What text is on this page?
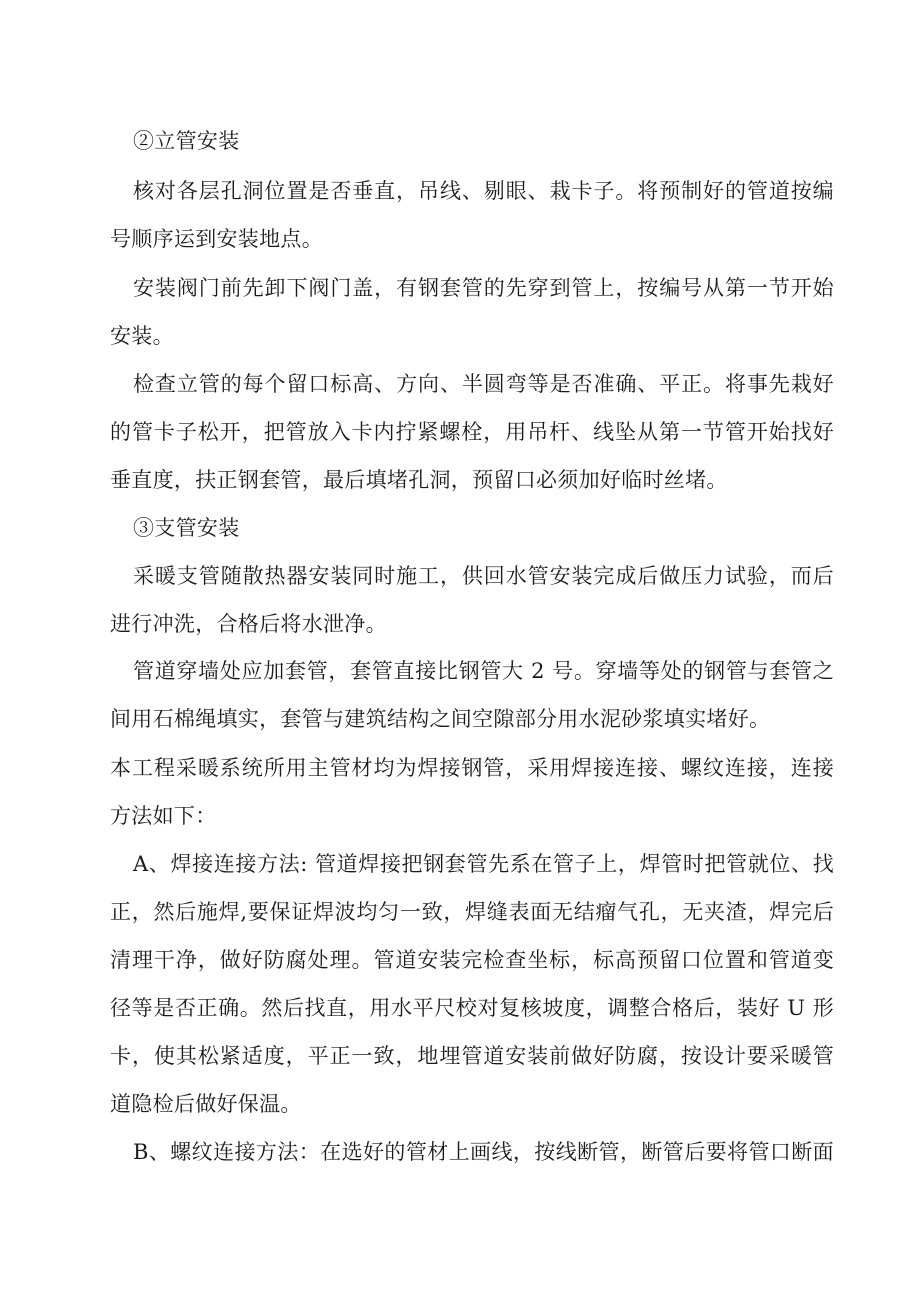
②立管安装
核对各层孔洞位置是否垂直，吊线、剔眼、栽卡子。将预制好的管道按编
号顺序运到安装地点。
安装阀门前先卸下阀门盖，有钢套管的先穿到管上，按编号从第一节开始
安装。
检查立管的每个留口标高、方向、半圆弯等是否准确、平正。将事先栽好
的管卡子松开，把管放入卡内拧紧螺栓，用吊杆、线坠从第一节管开始找好
垂直度，扶正钢套管，最后填堵孔洞，预留口必须加好临时丝堵。
③支管安装
采暖支管随散热器安装同时施工，供回水管安装完成后做压力试验，而后
进行冲洗，合格后将水泄净。
管道穿墙处应加套管，套管直接比钢管大 2 号。穿墙等处的钢管与套管之
间用石棉绳填实，套管与建筑结构之间空隙部分用水泥砂浆填实堵好。
本工程采暖系统所用主管材均为焊接钢管，采用焊接连接、螺纹连接，连接
方法如下：
A、焊接连接方法: 管道焊接把钢套管先系在管子上，焊管时把管就位、找
正，然后施焊,要保证焊波均匀一致，焊缝表面无结瘤气孔，无夹渣，焊完后
清理干净，做好防腐处理。管道安装完检查坐标，标高预留口位置和管道变
径等是否正确。然后找直，用水平尺校对复核坡度，调整合格后，装好 U 形
卡，使其松紧适度，平正一致，地埋管道安装前做好防腐，按设计要采暖管
道隐检后做好保温。
B、螺纹连接方法：在选好的管材上画线，按线断管，断管后要将管口断面
